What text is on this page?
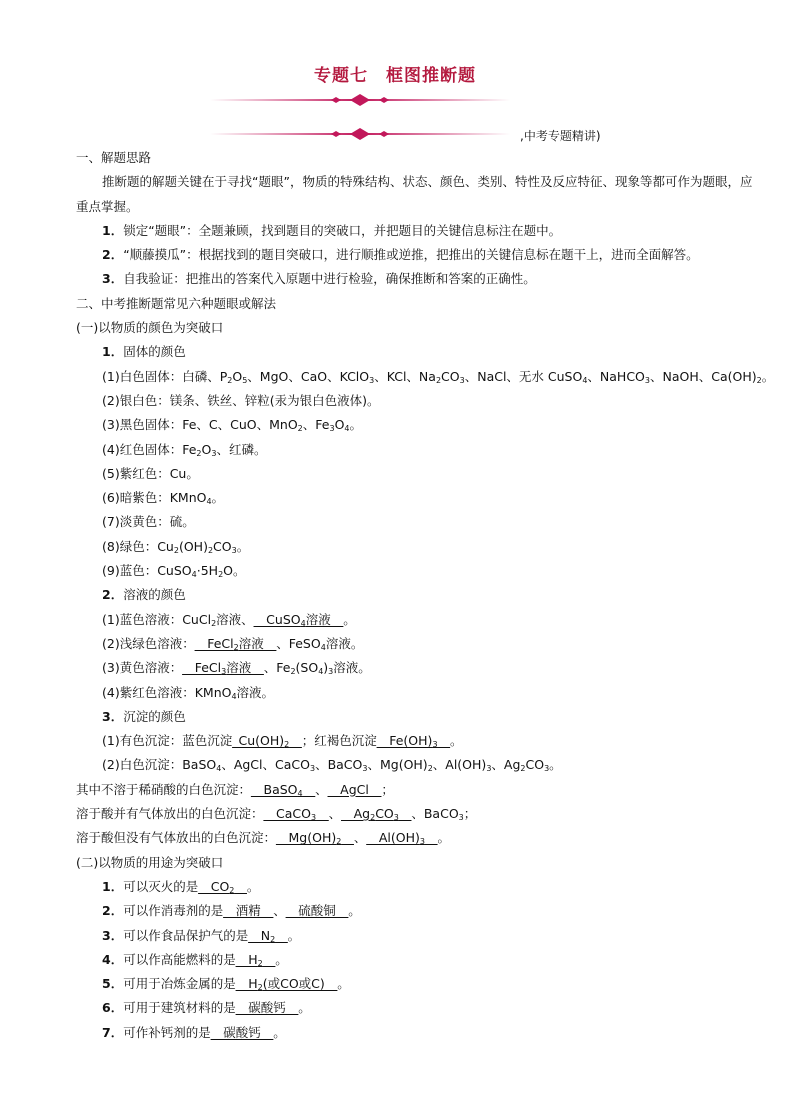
专题七　框图推断题
,中考专题精讲)
一、解题思路
推断题的解题关键在于寻找“题眼”，物质的特殊结构、状态、颜色、类别、特性及反应特征、现象等都可作为题眼，应重点掌握。
1．锁定“题眼”：全题兼顾，找到题目的突破口，并把题目的关键信息标注在题中。
2．“顺藤摸瓜”：根据找到的题目突破口，进行顺推或逆推，把推出的关键信息标在题干上，进而全面解答。
3．自我验证：把推出的答案代入原题中进行检验，确保推断和答案的正确性。
二、中考推断题常见六种题眼或解法
(一)以物质的颜色为突破口
1．固体的颜色
(1)白色固体：白磷、$P_2O_5$、MgO、CaO、KClO$_3$、KCl、$Na_2CO_3$、NaCl、无水 CuSO$_4$、NaHCO$_3$、NaOH、$Ca(OH)_2$。
(2)银白色：镁条、铁丝、锌粒(汞为银白色液体)。
(3)黑色固体：Fe、C、CuO、MnO$_2$、$Fe_3O_4$。
(4)红色固体：$Fe_2O_3$、红磷。
(5)紫红色：Cu。
(6)暗紫色：KMnO$_4$。
(7)淡黄色：硫。
(8)绿色：$Cu_2(OH)_2CO_3$。
(9)蓝色：$CuSO_4\cdot 5H_2O$。
2．溶液的颜色
(1)蓝色溶液：CuCl$_2$溶液、__CuSO$_4$溶液__。
(2)浅绿色溶液：__FeCl$_2$溶液__、FeSO$_4$溶液。
(3)黄色溶液：__FeCl$_3$溶液__、$Fe_2(SO_4)_3$溶液。
(4)紫红色溶液：KMnO$_4$溶液。
3．沉淀的颜色
(1)有色沉淀：蓝色沉淀$\_Cu(OH)_2\_\_$；红褐色沉淀$\_\_Fe(OH)_3\_\_$。
(2)白色沉淀：BaSO$_4$、AgCl、CaCO$_3$、BaCO$_3$、$Mg(OH)_2$、$Al(OH)_3$、$Ag_2CO_3$。
其中不溶于稀硝酸的白色沉淀：__BaSO$_4$__、__AgCl__；
溶于酸并有气体放出的白色沉淀：__CaCO$_3$__、$\_\_Ag_2CO_3\_\_$、BaCO$_3$；
溶于酸但没有气体放出的白色沉淀：$\_\_Mg(OH)_2\_\_$、$\_\_Al(OH)_3\_\_$。
(二)以物质的用途为突破口
1．可以灭火的是$\_\_CO_2\_\_$。
2．可以作消毒剂的是__酒精__、__硫酸铜__。
3．可以作食品保护气的是$\_\_N_2\_\_$。
4．可以作高能燃料的是$\_\_H_2\_\_$。
5．可用于冶炼金属的是$\_\_H_2$(或CO或C)__。
6．可用于建筑材料的是__碳酸钙__。
7．可作补钙剂的是__碳酸钙__。
